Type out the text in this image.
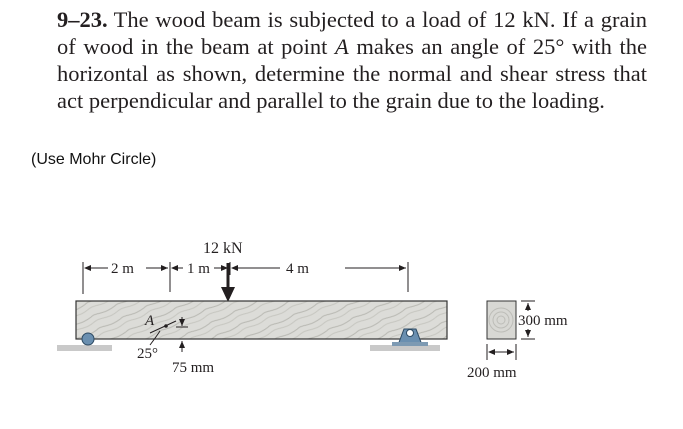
9–23. The wood beam is subjected to a load of 12 kN. If a grain of wood in the beam at point A makes an angle of 25° with the horizontal as shown, determine the normal and shear stress that act perpendicular and parallel to the grain due to the loading.
(Use Mohr Circle)
2 m	1 m	4 m
12 kN
A
25°
75 mm
300 mm
200 mm
